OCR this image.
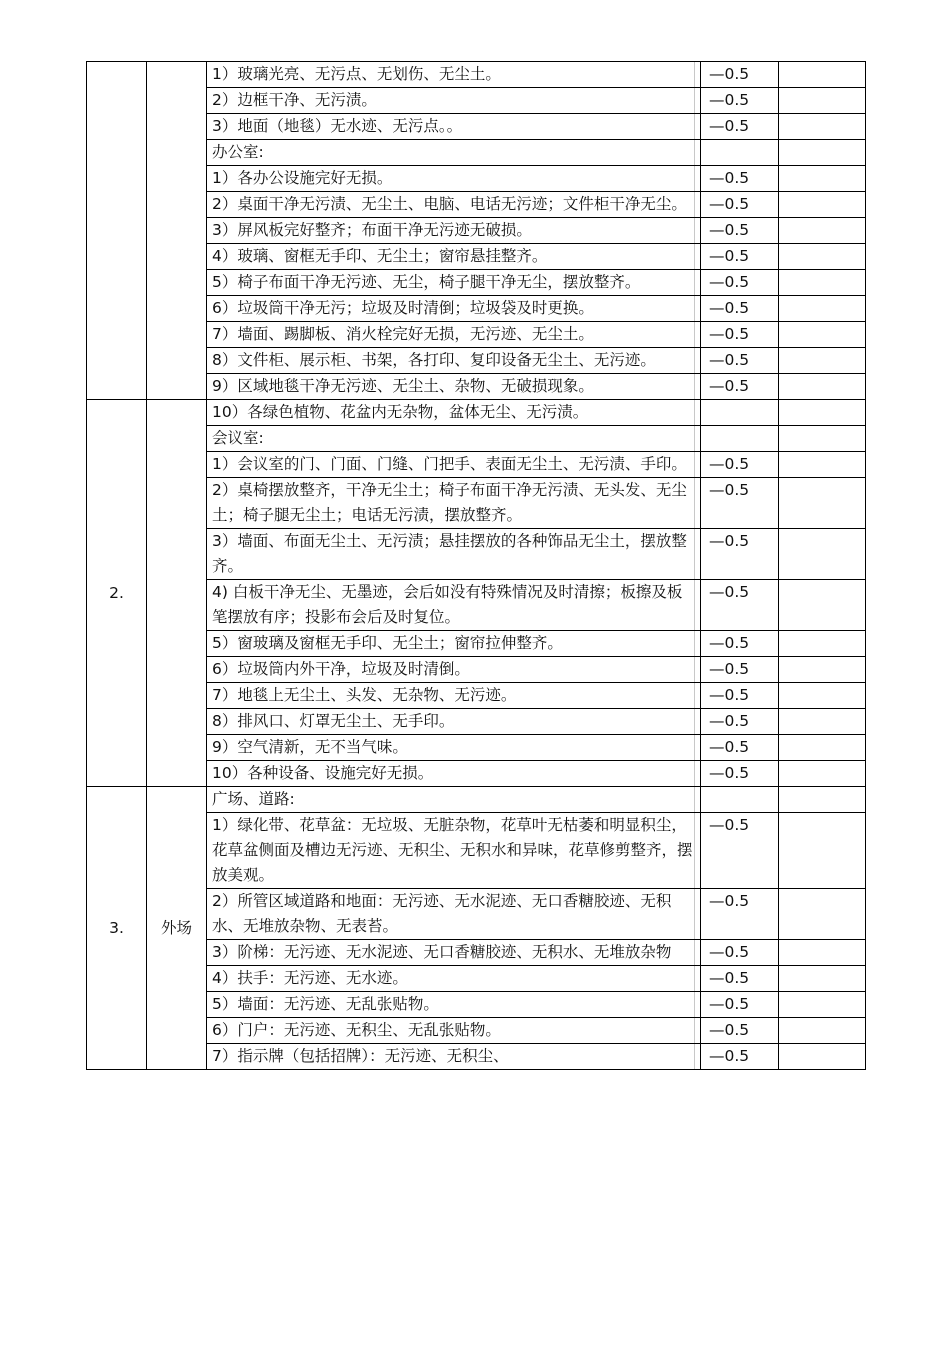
		1）玻璃光亮、无污点、无划伤、无尘土。	—0.5	
		2）边框干净、无污渍。	—0.5	
		3）地面（地毯）无水迹、无污点。。	—0.5	
		办公室:		
		1）各办公设施完好无损。	—0.5	
		2）桌面干净无污渍、无尘土、电脑、电话无污迹；文件柜干净无尘。	—0.5	
		3）屏风板完好整齐；布面干净无污迹无破损。	—0.5	
		4）玻璃、窗框无手印、无尘土；窗帘悬挂整齐。	—0.5	
		5）椅子布面干净无污迹、无尘，椅子腿干净无尘，摆放整齐。	—0.5	
		6）垃圾筒干净无污；垃圾及时清倒；垃圾袋及时更换。	—0.5	
		7）墙面、踢脚板、消火栓完好无损，无污迹、无尘土。	—0.5	
		8）文件柜、展示柜、书架，各打印、复印设备无尘土、无污迹。	—0.5	
		9）区域地毯干净无污迹、无尘土、杂物、无破损现象。	—0.5	
2.		10）各绿色植物、花盆内无杂物，盆体无尘、无污渍。		
		会议室:		
		1）会议室的门、门面、门缝、门把手、表面无尘土、无污渍、手印。	—0.5	
		2）桌椅摆放整齐，干净无尘土；椅子布面干净无污渍、无头发、无尘土；椅子腿无尘土；电话无污渍，摆放整齐。	—0.5	
		3）墙面、布面无尘土、无污渍；悬挂摆放的各种饰品无尘土，摆放整齐。	—0.5	
		4) 白板干净无尘、无墨迹，会后如没有特殊情况及时清擦；板擦及板笔摆放有序；投影布会后及时复位。	—0.5	
		5）窗玻璃及窗框无手印、无尘土；窗帘拉伸整齐。	—0.5	
		6）垃圾筒内外干净，垃圾及时清倒。	—0.5	
		7）地毯上无尘土、头发、无杂物、无污迹。	—0.5	
		8）排风口、灯罩无尘土、无手印。	—0.5	
		9）空气清新，无不当气味。	—0.5	
		10）各种设备、设施完好无损。	—0.5	
3.	外场	广场、道路:		
		1）绿化带、花草盆：无垃圾、无脏杂物，花草叶无枯萎和明显积尘，花草盆侧面及槽边无污迹、无积尘、无积水和异味，花草修剪整齐，摆放美观。	—0.5	
		2）所管区域道路和地面：无污迹、无水泥迹、无口香糖胶迹、无积水、无堆放杂物、无表苔。	—0.5	
		3）阶梯：无污迹、无水泥迹、无口香糖胶迹、无积水、无堆放杂物	—0.5	
		4）扶手：无污迹、无水迹。	—0.5	
		5）墙面：无污迹、无乱张贴物。	—0.5	
		6）门户：无污迹、无积尘、无乱张贴物。	—0.5	
		7）指示牌（包括招牌）：无污迹、无积尘、	—0.5	
